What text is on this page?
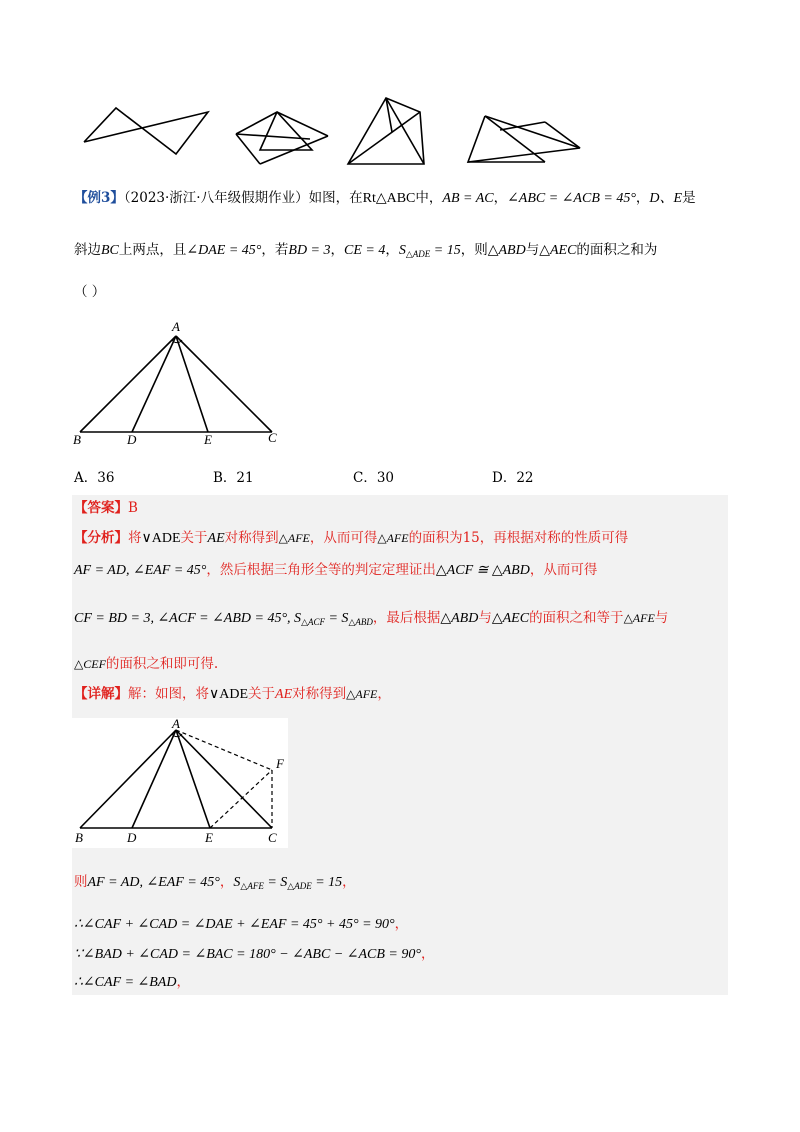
【例3】（2023·浙江·八年级假期作业）如图，在Rt△ABC中，AB = AC，∠ABC = ∠ACB = 45°，D、E是
斜边BC上两点，且∠DAE = 45°，若BD = 3，CE = 4，$S_{\triangle ADE} = 15$，则△ABD与△AEC的面积之和为
（ ）
A
B	D	E	C
A．36	B．21	C．30	D．22
【答案】B
【分析】将∨ADE关于AE对称得到△AFE，从而可得△AFE的面积为15，再根据对称的性质可得
AF = AD, ∠EAF = 45°，然后根据三角形全等的判定定理证出△ACF ≅ △ABD，从而可得
CF = BD = 3, ∠ACF = ∠ABD = 45°, $S_{\triangle ACF} = S_{\triangle ABD}$，最后根据△ABD与△AEC的面积之和等于△AFE与
△CEF的面积之和即可得.
【详解】解：如图，将∨ADE关于AE对称得到△AFE，
A
B	D	E	C
F
则AF = AD, ∠EAF = 45°，$S_{\triangle AFE} = S_{\triangle ADE} = 15$，
∴∠CAF + ∠CAD = ∠DAE + ∠EAF = 45° + 45° = 90°，
∵∠BAD + ∠CAD = ∠BAC = 180° − ∠ABC − ∠ACB = 90°，
∴∠CAF = ∠BAD，
